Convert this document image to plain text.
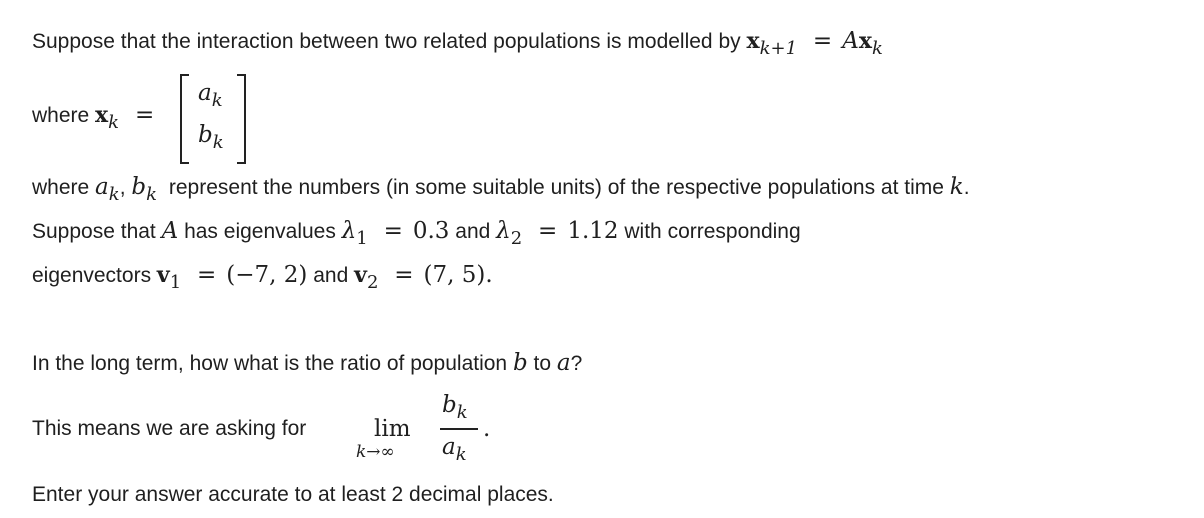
Suppose that the interaction between two related populations is modelled by xk+1 = Axk
where xk =
ak
bk
where ak, bk represent the numbers (in some suitable units) of the respective populations at time k.
Suppose that A has eigenvalues λ1 = 0.3 and λ2 = 1.12 with corresponding
eigenvectors v1 = (−7, 2) and v2 = (7, 5).
In the long term, how what is the ratio of population b to a?
This means we are asking for	lim
k→∞
bk
ak
.
Enter your answer accurate to at least 2 decimal places.
